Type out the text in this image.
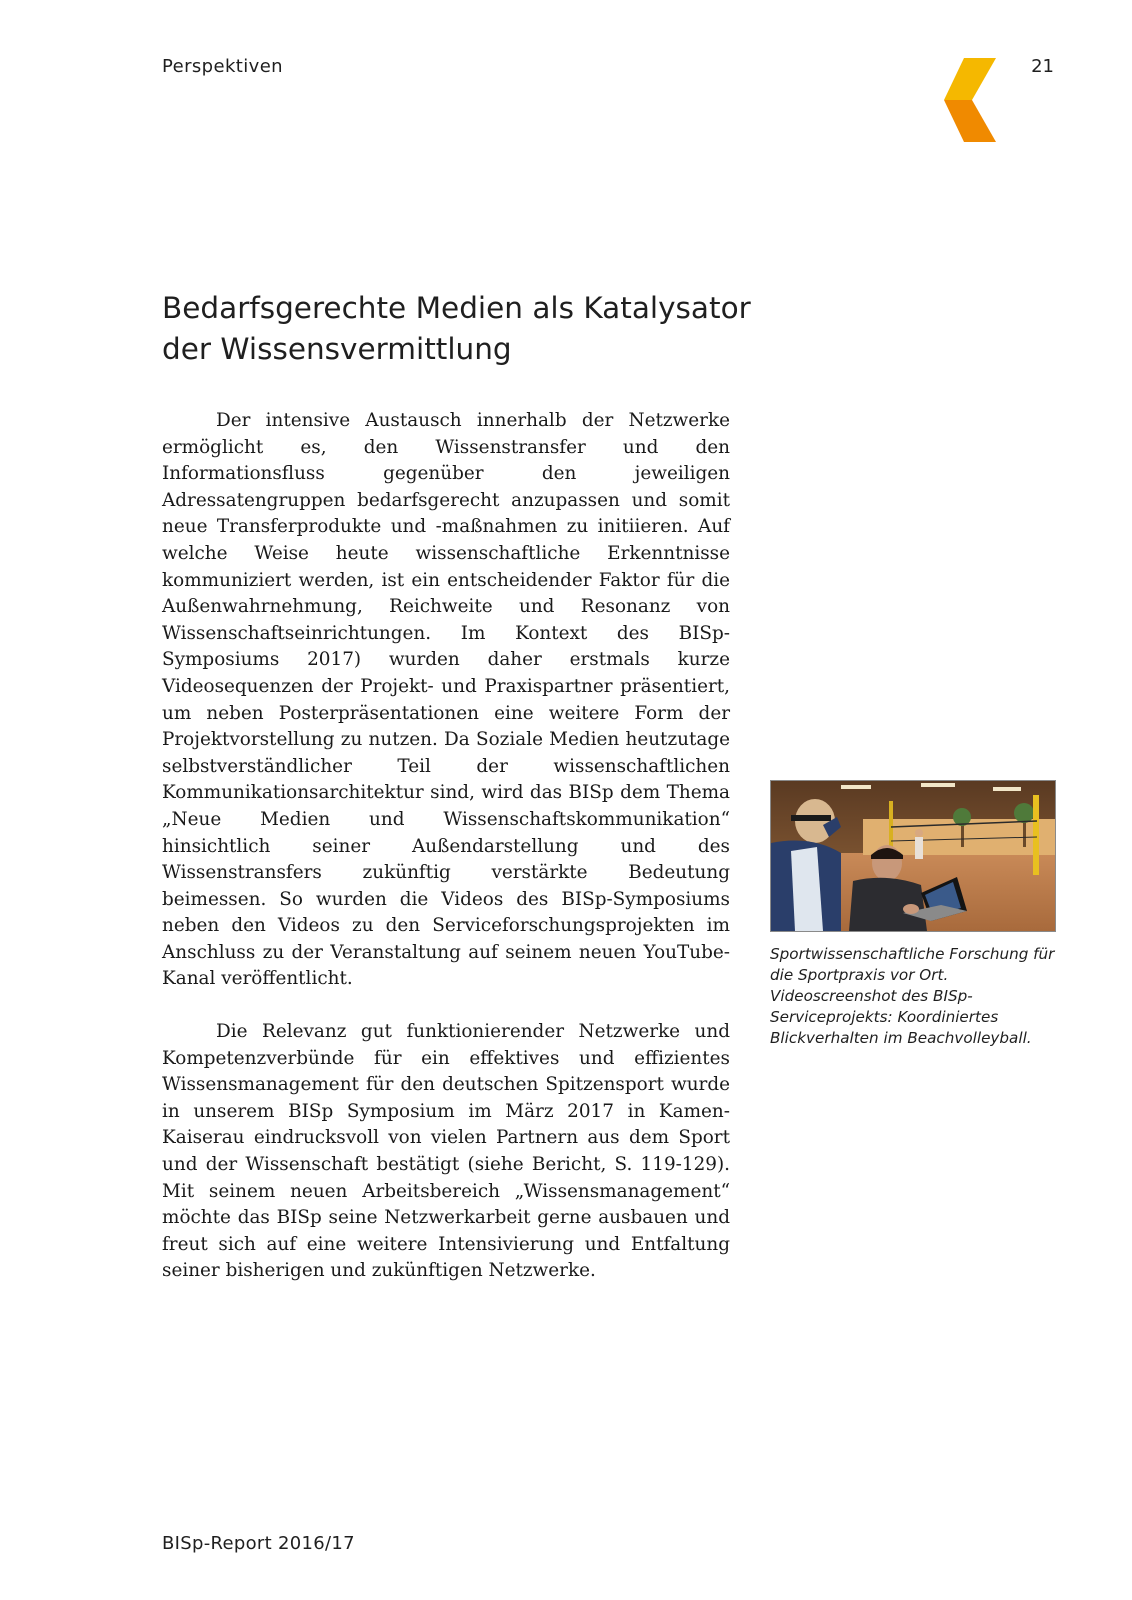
Perspektiven	21
Bedarfsgerechte Medien als Katalysator
der Wissensvermittlung

Der intensive Austausch innerhalb der Netzwerke ermöglicht es, den Wissenstransfer und den Informationsfluss gegenüber den jeweiligen Adressatengruppen bedarfsgerecht anzupassen und somit neue Transferprodukte und -maßnahmen zu initiieren. Auf welche Weise heute wissenschaftliche Erkenntnisse kommuniziert werden, ist ein entscheidender Faktor für die Außenwahrnehmung, Reichweite und Resonanz von Wissenschaftseinrichtungen. Im Kontext des BISp-Symposiums 2017) wurden daher erstmals kurze Videosequenzen der Projekt- und Praxispartner präsentiert, um neben Posterpräsentationen eine weitere Form der Projektvorstellung zu nutzen. Da Soziale Medien heutzutage selbstverständlicher Teil der wissenschaftlichen Kommunikationsarchitektur sind, wird das BISp dem Thema „Neue Medien und Wissenschaftskommunikation“ hinsichtlich seiner Außendarstellung und des Wissenstransfers zukünftig verstärkte Bedeutung beimessen. So wurden die Videos des BISp-Symposiums neben den Videos zu den Serviceforschungsprojekten im Anschluss zu der Veranstaltung auf seinem neuen YouTube-Kanal veröffentlicht.

Die Relevanz gut funktionierender Netzwerke und Kompetenzverbünde für ein effektives und effizientes Wissensmanagement für den deutschen Spitzensport wurde in unserem BISp Symposium im März 2017 in Kamen-Kaiserau eindrucksvoll von vielen Partnern aus dem Sport und der Wissenschaft bestätigt (siehe Bericht, S. 119-129). Mit seinem neuen Arbeitsbereich „Wissensmanagement“ möchte das BISp seine Netzwerkarbeit gerne ausbauen und freut sich auf eine weitere Intensivierung und Entfaltung seiner bisherigen und zukünftigen Netzwerke.

Sportwissenschaftliche Forschung für die Sportpraxis vor Ort. Videoscreenshot des BISp-Serviceprojekts: Koordiniertes Blickverhalten im Beachvolleyball.

BISp-Report 2016/17
